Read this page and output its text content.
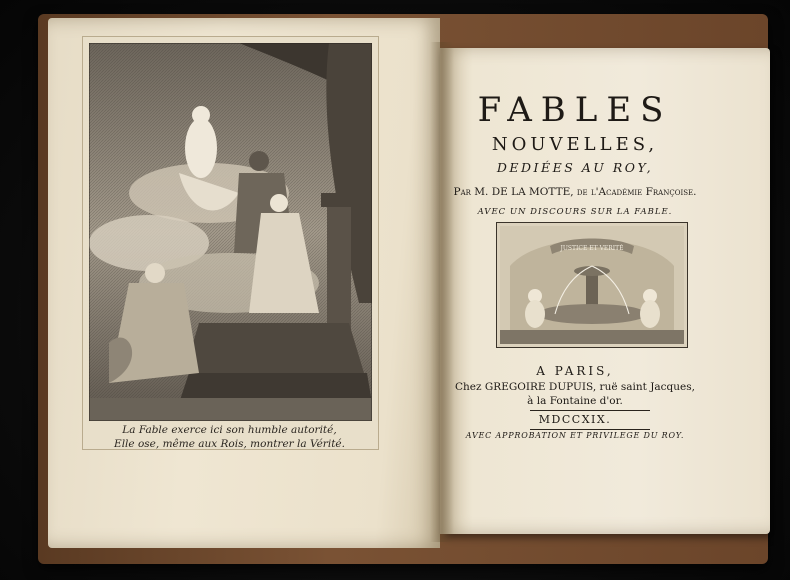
La Fable exerce ici son humble autorité,
Elle ose, même aux Rois, montrer la Vérité.
FABLES
NOUVELLES,
DEDIÉES AU ROY,
Par M. DE LA MOTTE, de l'Académie Françoise.
AVEC UN DISCOURS SUR LA FABLE.
JUSTICE ET VERITÉ
A PARIS,
Chez GREGOIRE DUPUIS, ruë saint Jacques,
à la Fontaine d'or.
MDCCXIX.
AVEC APPROBATION ET PRIVILEGE DU ROY.
